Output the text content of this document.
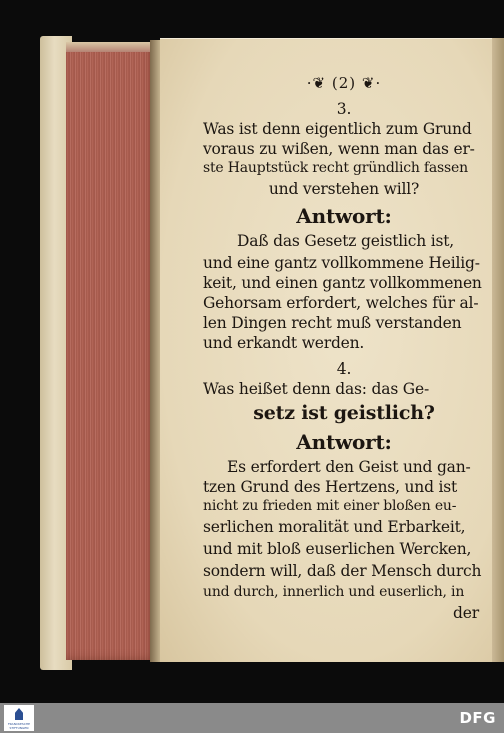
·❦ (2) ❦·
3.
Was ist denn eigentlich zum Grund
voraus zu wißen, wenn man das er-
ste Hauptstück recht gründlich fassen
und verstehen will?
Antwort:
Daß das Gesetz geistlich ist,
und eine gantz vollkommene Heilig-
keit, und einen gantz vollkommenen
Gehorsam erfordert, welches für al-
len Dingen recht muß verstanden
und erkandt werden.
4.
Was heißet denn das: das Ge-
setz ist geistlich?
Antwort:
Es erfordert den Geist und gan-
tzen Grund des Hertzens, und ist
nicht zu frieden mit einer bloßen eu-
serlichen moralität und Erbarkeit,
und mit bloß euserlichen Wercken,
sondern will, daß der Mensch durch
und durch, innerlich und euserlich, in
der
FRANCKESCHE STIFTUNGEN
DFG
